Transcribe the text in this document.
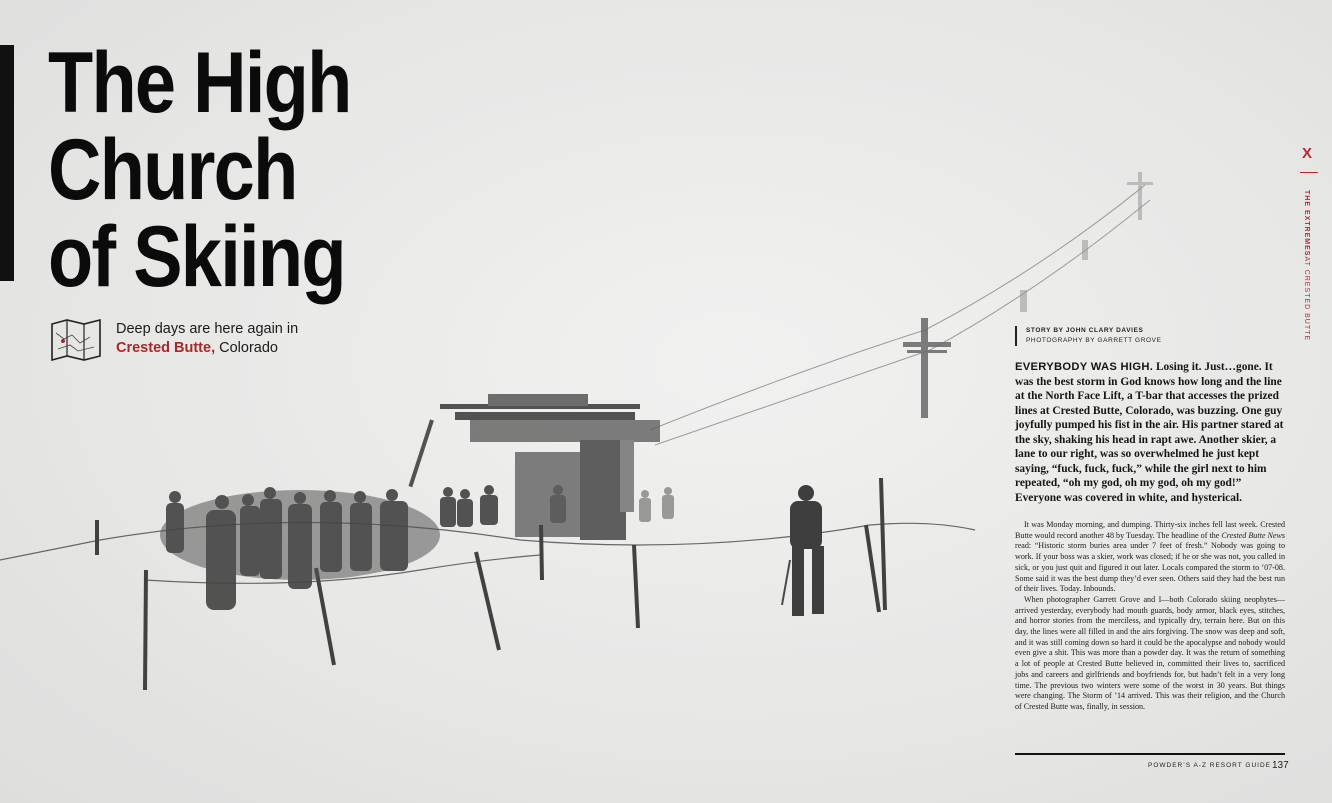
The High
Church
of Skiing
Deep days are here again in
Crested Butte, Colorado
X
THE EXTREMESAT CRESTED BUTTE
STORY BY JOHN CLARY DAVIES
PHOTOGRAPHY BY GARRETT GROVE

EVERYBODY WAS HIGH. Losing it. Just…gone. It was the best storm in God knows how long and the line at the North Face Lift, a T-bar that accesses the prized lines at Crested Butte, Colorado, was buzzing. One guy joyfully pumped his fist in the air. His partner stared at the sky, shaking his head in rapt awe. Another skier, a lane to our right, was so overwhelmed he just kept saying, “fuck, fuck, fuck,” while the girl next to him repeated, “oh my god, oh my god, oh my god!” Everyone was covered in white, and hysterical.

It was Monday morning, and dumping. Thirty-six inches fell last week. Crested Butte would record another 48 by Tuesday. The headline of the Crested Butte News read: “Historic storm buries area under 7 feet of fresh.” Nobody was going to work. If your boss was a skier, work was closed; if he or she was not, you called in sick, or you just quit and figured it out later. Locals compared the storm to ’07-08. Some said it was the best dump they’d ever seen. Others said they had the best run of their lives. Today. Inbounds.

When photographer Garrett Grove and I—both Colorado skiing neophytes—arrived yesterday, everybody had mouth guards, body armor, black eyes, stitches, and horror stories from the merciless, and typically dry, terrain here. But on this day, the lines were all filled in and the airs forgiving. The snow was deep and soft, and it was still coming down so hard it could be the apocalypse and nobody would even give a shit. This was more than a powder day. It was the return of something a lot of people at Crested Butte believed in, committed their lives to, sacrificed jobs and careers and girlfriends and boyfriends for, but hadn’t felt in a very long time. The previous two winters were some of the worst in 30 years. But things were changing. The Storm of ’14 arrived. This was their religion, and the Church of Crested Butte was, finally, in session.

POWDER’S A-Z RESORT GUIDE 137
